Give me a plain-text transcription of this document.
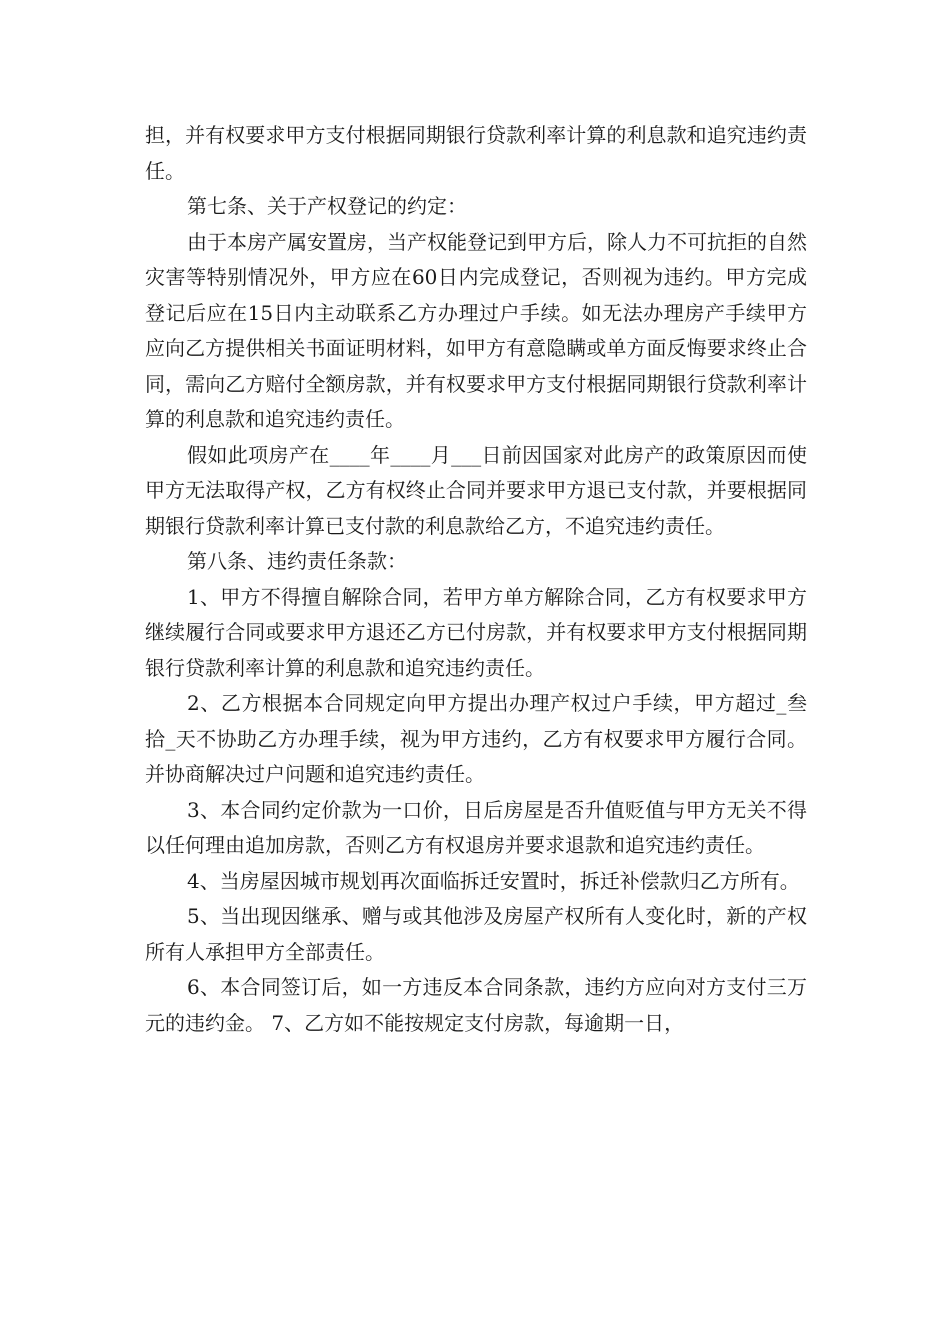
担，并有权要求甲方支付根据同期银行贷款利率计算的利息款和追究违约责任。

第七条、关于产权登记的约定：

由于本房产属安置房，当产权能登记到甲方后，除人力不可抗拒的自然灾害等特别情况外，甲方应在60日内完成登记，否则视为违约。甲方完成登记后应在15日内主动联系乙方办理过户手续。如无法办理房产手续甲方应向乙方提供相关书面证明材料，如甲方有意隐瞒或单方面反悔要求终止合同，需向乙方赔付全额房款，并有权要求甲方支付根据同期银行贷款利率计算的利息款和追究违约责任。

假如此项房产在____年____月___日前因国家对此房产的政策原因而使甲方无法取得产权，乙方有权终止合同并要求甲方退已支付款，并要根据同期银行贷款利率计算已支付款的利息款给乙方，不追究违约责任。

第八条、违约责任条款：

1、甲方不得擅自解除合同，若甲方单方解除合同，乙方有权要求甲方继续履行合同或要求甲方退还乙方已付房款，并有权要求甲方支付根据同期银行贷款利率计算的利息款和追究违约责任。

2、乙方根据本合同规定向甲方提出办理产权过户手续，甲方超过_叁拾_天不协助乙方办理手续，视为甲方违约，乙方有权要求甲方履行合同。并协商解决过户问题和追究违约责任。

3、本合同约定价款为一口价，日后房屋是否升值贬值与甲方无关不得以任何理由追加房款，否则乙方有权退房并要求退款和追究违约责任。

4、当房屋因城市规划再次面临拆迁安置时，拆迁补偿款归乙方所有。

5、当出现因继承、赠与或其他涉及房屋产权所有人变化时，新的产权所有人承担甲方全部责任。

6、本合同签订后，如一方违反本合同条款，违约方应向对方支付三万元的违约金。 7、乙方如不能按规定支付房款，每逾期一日，
